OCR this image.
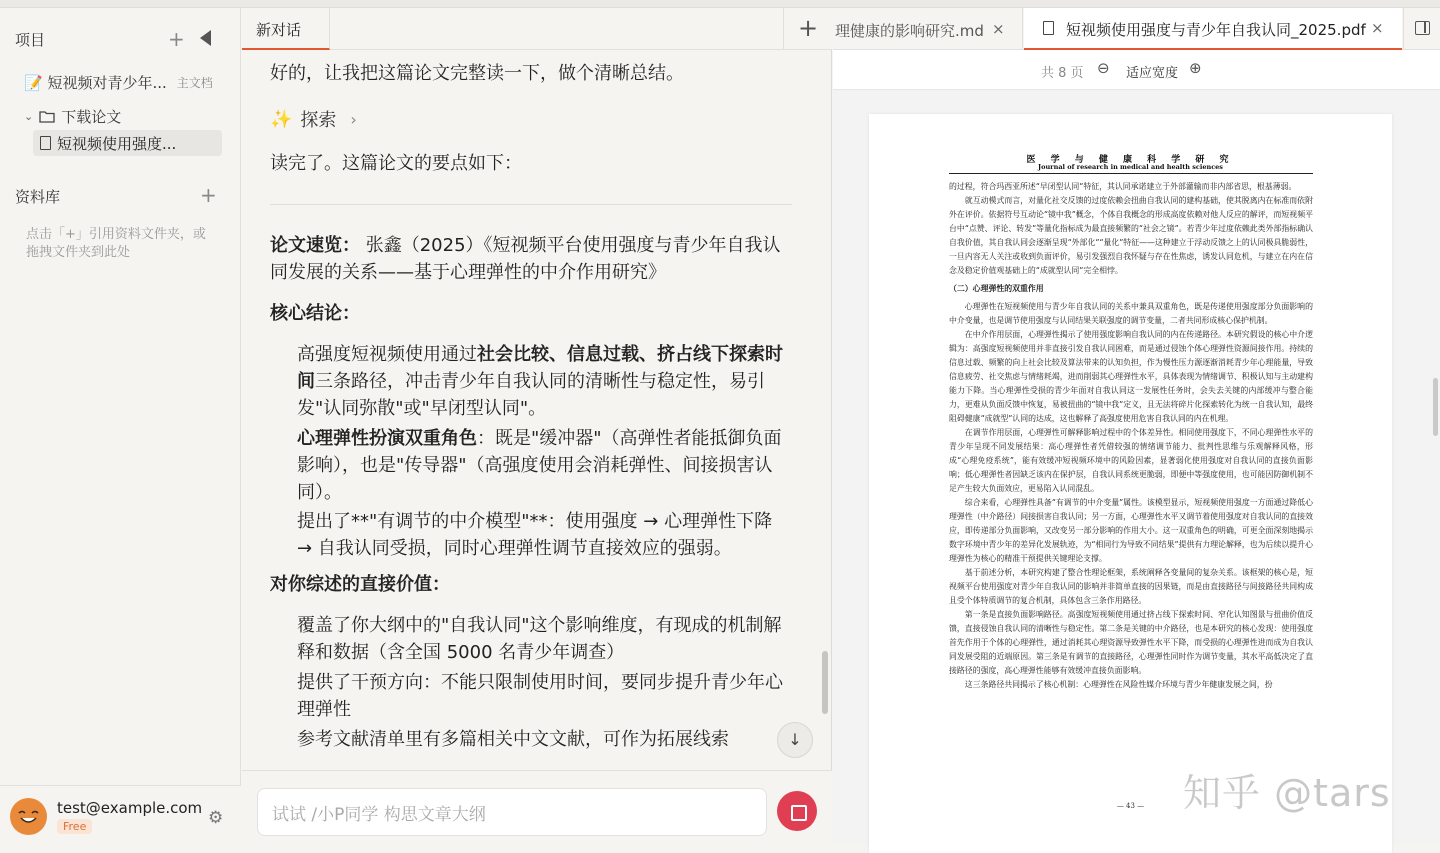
项目	+
📝 短视频对青少年... 主文档
⌄ 下载论文
短视频使用强度...
资料库	+
点击「+」引用资料文件夹，或拖拽文件夹到此处
test@example.com
Free	⚙
新对话	+
好的，让我把这篇论文完整读一下，做个清晰总结。
✨ 探索 ›
读完了。这篇论文的要点如下：
论文速览： 张鑫（2025）《短视频平台使用强度与青少年自我认同发展的关系——基于心理弹性的中介作用研究》
核心结论：
高强度短视频使用通过社会比较、信息过载、挤占线下探索时间三条路径，冲击青少年自我认同的清晰性与稳定性，易引发"认同弥散"或"早闭型认同"。
心理弹性扮演双重角色：既是"缓冲器"（高弹性者能抵御负面影响），也是"传导器"（高强度使用会消耗弹性、间接损害认同）。
提出了**"有调节的中介模型"**：使用强度 → 心理弹性下降 → 自我认同受损，同时心理弹性调节直接效应的强弱。
对你综述的直接价值：
覆盖了你大纲中的"自我认同"这个影响维度，有现成的机制解释和数据（含全国 5000 名青少年调查）
提供了干预方向：不能只限制使用时间，要同步提升青少年心理弹性
参考文献清单里有多篇相关中文文献，可作为拓展线索	↓
试试 /小P同学 构思文章大纲
理健康的影响研究.md ×	短视频使用强度与青少年自我认同_2025.pdf ×
共 8 页 ⊖ 适应宽度 ⊕
医 学 与 健 康 科 学 研 究
Journal of research in medical and health sciences
的过程，符合玛西亚所述“早闭型认同”特征，其认同承诺建立于外部灌输而非内部省思，根基薄弱。

就互动模式而言，对量化社交反馈的过度依赖会扭曲自我认同的建构基础，使其脱离内在标准而依附外在评价。依据符号互动论“镜中我”概念，个体自我概念的形成高度依赖对他人反应的解评，而短视频平台中“点赞、评论、转发”等量化指标成为最直接频繁的“社会之镜”。若青少年过度依赖此类外部指标确认自我价值，其自我认同会逐渐呈现“外部化”“量化”特征——这种建立于浮动反馈之上的认同极具脆弱性，一旦内容无人关注或收到负面评价，易引发强烈自我怀疑与存在性焦虑，诱发认同危机，与建立在内在信念及稳定价值观基础上的“成就型认同”完全相悖。

（二）心理弹性的双重作用

心理弹性在短视频使用与青少年自我认同的关系中兼具双重角色，既是传递使用强度部分负面影响的中介变量，也是调节使用强度与认同结果关联强度的调节变量，二者共同形成核心保护机制。

在中介作用层面，心理弹性揭示了使用强度影响自我认同的内在传递路径。本研究假设的核心中介逻辑为：高强度短视频使用并非直接引发自我认同困难，而是通过侵蚀个体心理弹性资源间接作用。持续的信息过载、频繁的向上社会比较及算法带来的认知负担，作为慢性压力源逐渐消耗青少年心理能量，导致信息疲劳、社交焦虑与情绪耗竭，进而削弱其心理弹性水平，具体表现为情绪调节、积极认知与主动建构能力下降。当心理弹性受损的青少年面对自我认同这一发展性任务时，会失去关键的内部缓冲与整合能力，更难从负面反馈中恢复，易被扭曲的“镜中我”定义，且无法将碎片化探索转化为统一自我认知，最终阻碍健康“成就型”认同的达成，这也解释了高强度使用危害自我认同的内在机理。

在调节作用层面，心理弹性可解释影响过程中的个体差异性。相同使用强度下，不同心理弹性水平的青少年呈现不同发展结果：高心理弹性者凭借较强的情绪调节能力、批判性思维与乐观解释风格，形成“心理免疫系统”，能有效缓冲短视频环境中的风险因素，显著弱化使用强度对自我认同的直接负面影响；低心理弹性者因缺乏该内在保护层，自我认同系统更脆弱，即便中等强度使用，也可能因防御机制不足产生较大负面效应，更易陷入认同混乱。

综合来看，心理弹性具备“有调节的中介变量”属性。该模型显示，短视频使用强度一方面通过降低心理弹性（中介路径）间接损害自我认同；另一方面，心理弹性水平又调节着使用强度对自我认同的直接效应，即传递部分负面影响，又改变另一部分影响的作用大小。这一双重角色的明确，可更全面深刻地揭示数字环境中青少年的差异化发展轨迹，为“相同行为导致不同结果”提供有力理论解释，也为后续以提升心理弹性为核心的精准干预提供关键理论支撑。

基于前述分析，本研究构建了整合性理论框架，系统阐释各变量间的复杂关系。该框架的核心是，短视频平台使用强度对青少年自我认同的影响并非简单直接的因果链，而是由直接路径与间接路径共同构成且受个体特质调节的复合机制，具体包含三条作用路径。

第一条是直接负面影响路径。高强度短视频使用通过挤占线下探索时间、窄化认知图景与扭曲价值反馈，直接侵蚀自我认同的清晰性与稳定性。第二条是关键的中介路径，也是本研究的核心发现：使用强度首先作用于个体的心理弹性，通过消耗其心理资源导致弹性水平下降，而受损的心理弹性进而成为自我认同发展受阻的近端原因。第三条是有调节的直接路径，心理弹性同时作为调节变量，其水平高低决定了直接路径的强度，高心理弹性能够有效缓冲直接负面影响。

这三条路径共同揭示了核心机制：心理弹性在风险性媒介环境与青少年健康发展之间，扮

— 43 —	知乎 @tars
